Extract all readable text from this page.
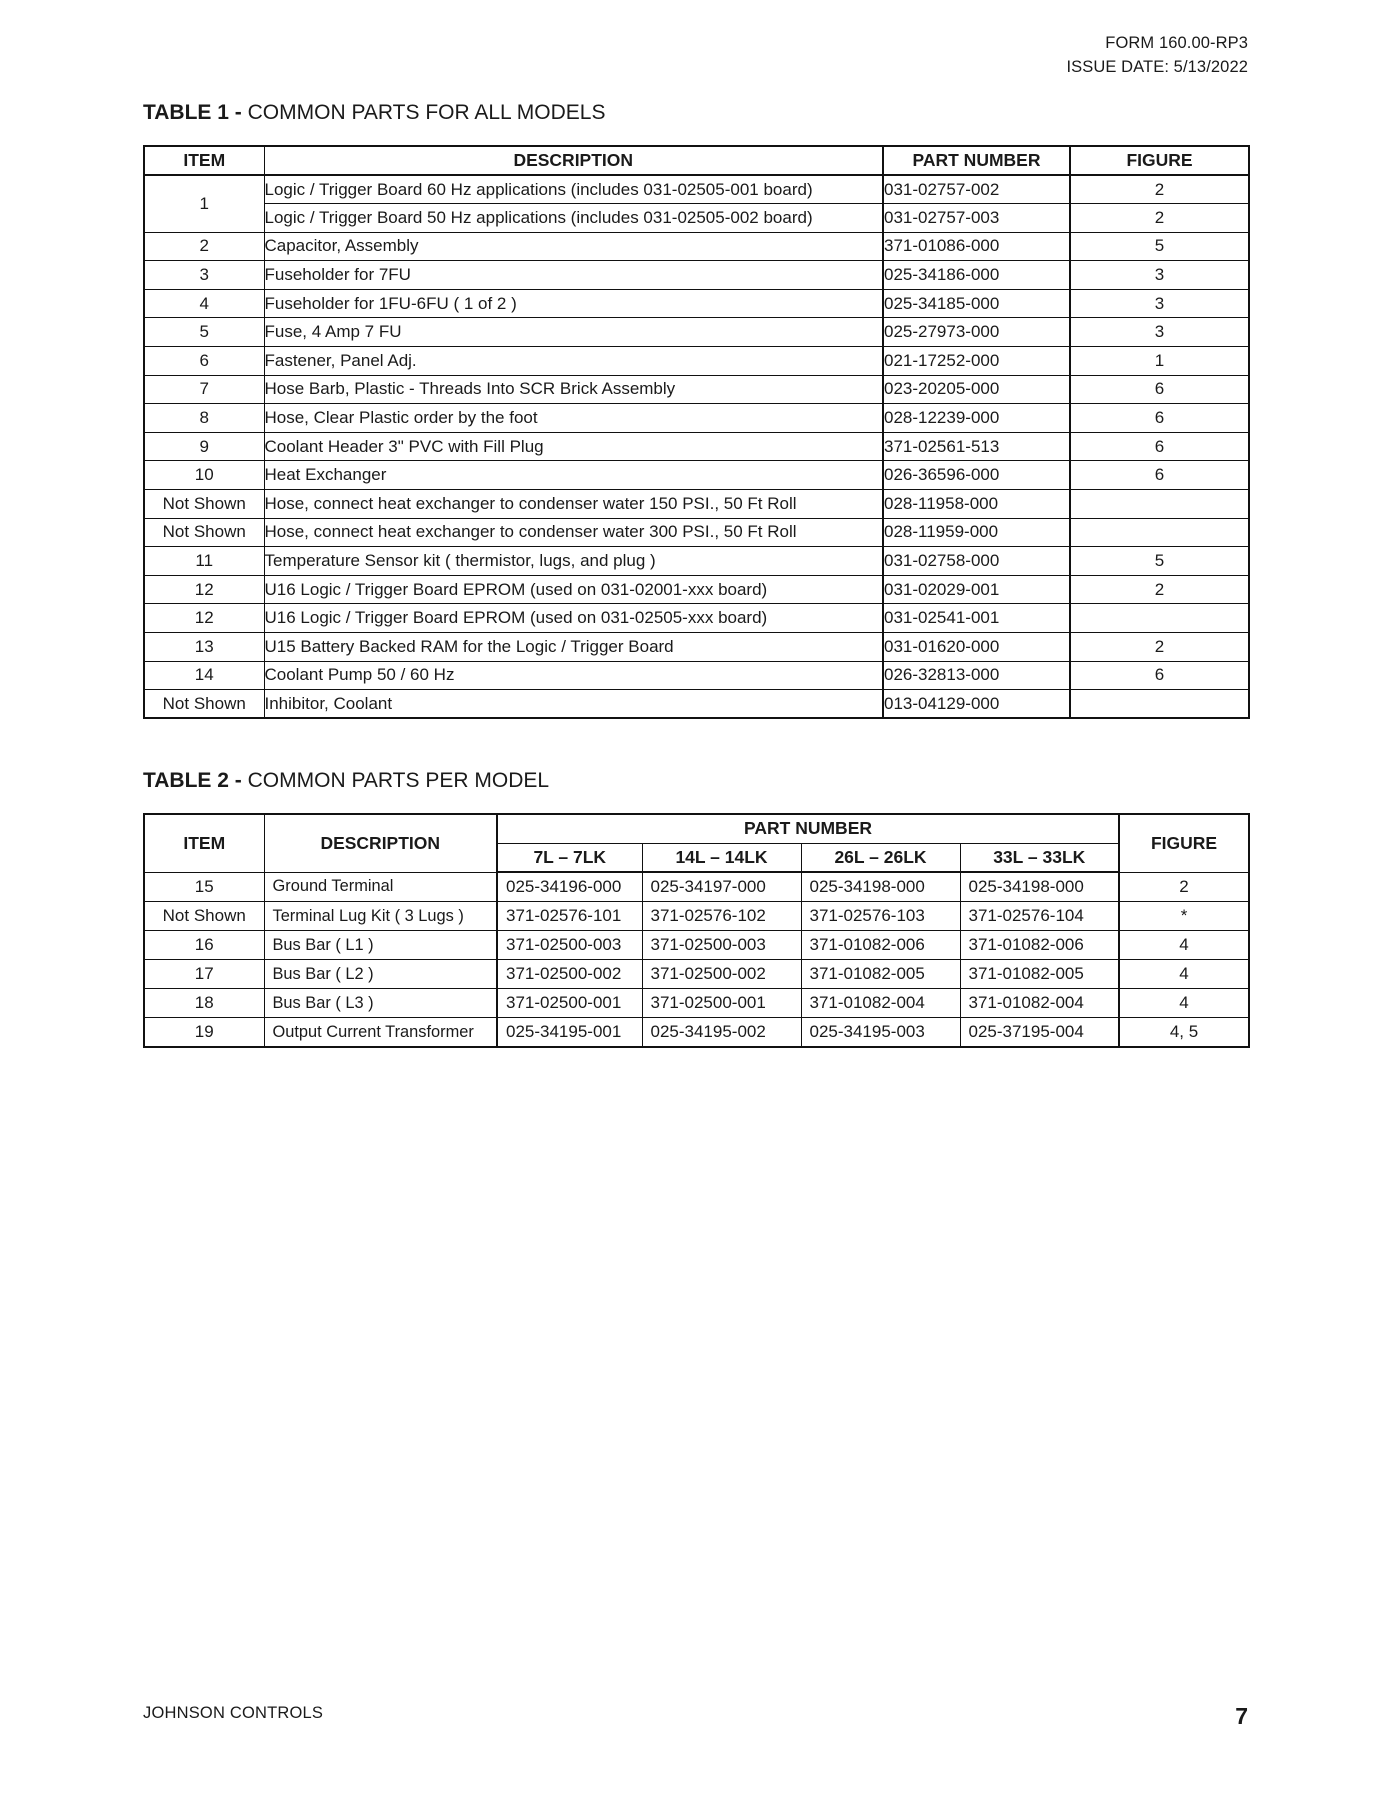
FORM 160.00-RP3
ISSUE DATE: 5/13/2022
TABLE 1 - COMMON PARTS FOR ALL MODELS
ITEM	DESCRIPTION	PART NUMBER	FIGURE
1	Logic / Trigger Board 60 Hz applications (includes 031-02505-001 board)	031-02757-002	2
	Logic / Trigger Board 50 Hz applications (includes 031-02505-002 board)	031-02757-003	2
2	Capacitor, Assembly	371-01086-000	5
3	Fuseholder for 7FU	025-34186-000	3
4	Fuseholder for 1FU-6FU ( 1 of 2 )	025-34185-000	3
5	Fuse, 4 Amp 7 FU	025-27973-000	3
6	Fastener, Panel Adj.	021-17252-000	1
7	Hose Barb, Plastic - Threads Into SCR Brick Assembly	023-20205-000	6
8	Hose, Clear Plastic order by the foot	028-12239-000	6
9	Coolant Header 3" PVC with Fill Plug	371-02561-513	6
10	Heat Exchanger	026-36596-000	6
Not Shown	Hose, connect heat exchanger to condenser water 150 PSI., 50 Ft Roll	028-11958-000	
Not Shown	Hose, connect heat exchanger to condenser water 300 PSI., 50 Ft Roll	028-11959-000	
11	Temperature Sensor kit ( thermistor, lugs, and plug )	031-02758-000	5
12	U16 Logic / Trigger Board EPROM (used on 031-02001-xxx board)	031-02029-001	2
12	U16 Logic / Trigger Board EPROM (used on 031-02505-xxx board)	031-02541-001	
13	U15 Battery Backed RAM for the Logic / Trigger Board	031-01620-000	2
14	Coolant Pump 50 / 60 Hz	026-32813-000	6
Not Shown	Inhibitor, Coolant	013-04129-000	
TABLE 2 - COMMON PARTS PER MODEL
ITEM	DESCRIPTION	PART NUMBER				FIGURE
		7L – 7LK	14L – 14LK	26L – 26LK	33L – 33LK	
15	Ground Terminal	025-34196-000	025-34197-000	025-34198-000	025-34198-000	2
Not Shown	Terminal Lug Kit ( 3 Lugs )	371-02576-101	371-02576-102	371-02576-103	371-02576-104	*
16	Bus Bar ( L1 )	371-02500-003	371-02500-003	371-01082-006	371-01082-006	4
17	Bus Bar ( L2 )	371-02500-002	371-02500-002	371-01082-005	371-01082-005	4
18	Bus Bar ( L3 )	371-02500-001	371-02500-001	371-01082-004	371-01082-004	4
19	Output Current Transformer	025-34195-001	025-34195-002	025-34195-003	025-37195-004	4, 5
JOHNSON CONTROLS	7
